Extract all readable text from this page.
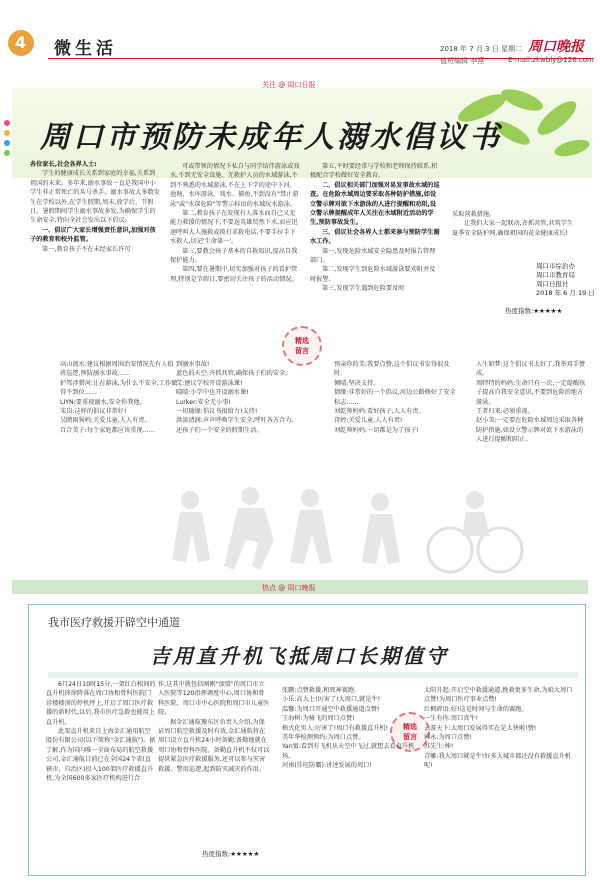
4 微生活	2018 年 7 月 3 日 星期二 周口晚报
值班编辑 李燕	E-mail:zkwbly@126.com
关注 @ 周口日报
周口市预防未成年人溺水倡议书

各位家长,社会各界人士:

学生的健康成长关系到家庭的幸福,关系到祖国的未来。多年来,溺水事故一直是我国中小学生非正常死亡的头号杀手。溺水事故大多数发生在学校以外,在学生假期,周末,放学后、节假日。暑假期间学生溺水事故多发,为确保学生的生命安全,特向全社会发出以下倡议:

一、倡议广大家长增强责任意识,加强对孩子的教育和校外监管。

第一,教育孩子不在未经家长许可

可或带领的情况下私自与同学结伴游泳或戏水,不到无安全设施、无救护人员的水域游泳,不到不熟悉的水域游泳,不在上下学的途中下河、池塘、水库游泳、戏水、捕鱼,不到没有"禁止游泳"或"水深危险"等警示标语的水域玩水游泳。

第二,教育孩子在发现有人落水而自己又无能力救援的情况下,不要逞英雄贸然下水,而应迅速呼叫大人施救或拨打求救电话,不要手拉手下水救人,切记'生命第一'。

第三,要教会孩子基本的自救知识,提高自我保护能力。

第四,要在暑期中,切实加强对孩子的看护管理,特别是节假日,要密切关注孩子的活动情况。

第五,平时要经常与学校和老师保持联系,积极配合学校做好安全教育。

二、倡议相关部门加强对易发事故水域的巡查。在危险水域周边要采取各种防护措施,如设立警示牌对欲下水游泳的人进行提醒和劝阻,设立警示牌提醒成年人关注在水域附近活动的学生,预防事故发生。

三、倡议社会各界人士都来参与预防学生溺水工作。

第一,发现危险水域安全隐患及时报告管理部门。

第二,发现学生到危险水域游泳要劝阻并及时报警。

第三,发现学生遇到危险要及时

采取营救措施。

让我们大家一起联动,齐抓共管,共筑学生夏季安全防护网,确保祖国的花朵健康成长!

周口市综治办
周口市教育局
周口日报社
2018 年 6 月 19 日
热度指数:★★★★★
精选
留言
高山流水:建议根据周围治安情况先有人值班巡逻,预防溺水事故……
护驾涉猎河:让在游泳,为什么不安全,工作做得不到位……
LIYN:要重视溺水,安全你我他。
宋岗:这样的倡议非常好!
吴睛雨狗妈:关爱儿童,人人有责。
百合美子:每个家庭都应该重视……
到溺水事故!
蓝色的天空:齐抓共管,确保孩子们的安全。
艾:建议学校开设游泳课!
晴晴:小学中也开设溺水课!
Lurker:安全无小事!
一切随缘:倡议书很给力!支持!
洪淡清润:声声呼唤学生安全,呼吁各方合力,还孩子们一个安全的假期生活。
预亲你的美:我要点赞,这个倡议书发得很及时。
倾晴:坚决支持。
情缘:非常好的一个倡议,河边公路修好了安全标志……
刘乾帅妈妈:看好孩子,人人有责。
诗婷:关爱儿童,人人有责!
刘乾帅妈妈:一切都是为了孩子!
人生如梦:这个倡议书太好了,我举双手赞成。
周特特的妈妈:生命只有一次,一定提醒孩子提高自我安全意识,不要到危险的地方游泳。
王者归来:必须重视。
赵小美:一定要在危险水域周边采取各种防护措施,如设立警示牌对欲下水游泳的人进行提醒和阻止。
热点 @ 周口晚报
我市医疗救援开辟空中通道
吉用直升机飞抵周口长期值守

6月24日10时15分,一架红白相间的直升机徐徐降落在周口协和骨科医院门诊楼楼顶的停机坪上,开启了周口医疗救援的新时代,以后,我市医疗急救也能用上直升机。

此架直升机来自上海金汇通用航空股份有限公司(以下简称"金汇通航")。据了解,作为国内唯一全面布局的航空救援公司,金汇通航目前已在全国24个省(直辖市、自治区)投入100架医疗救援直升机,为全国600多家医疗机构进行合

作,这其中就包括刚刚"加盟"的周口市立人医院等120指挥调度中心,周口协和骨科医院、周口市中心医院和周口市儿童医院。

据金汇通航豫东区负责人介绍,为保证周口航空救援及时有效,金汇通航将在周口设立直升机24小时备勤,备勤地就在周口协和骨科医院。备勤直升机不仅可以提供紧急医疗救援服务,还可以参与灾害救援、警用巡逻,起到防灾减灾的作用。

热度指数:★★★★★
精选
留言
张鹏:点赞救援,和死神赛跑。
小乐:高大上!厉害了!大周口,就是牛!
温馨:为周口开通空中救援通道点赞!
王海树:为骑飞的周口点赞!
格式化男人:厉害了!周口有救援直升机!
美年华检测预约:为周口点赞。
Yan蜜:看到有飞机从天空中飞过,就想去看直升机场。
河南(佳旺防霸):讲述发展的周口!
太阳升起:开启空中救援通道,挽救更多生命,为咱大周口点赞!为周口医疗事业点赞!
红枫碎语:好!这是时间与生命的赛跑。
一生有你:周口真牛!
云游天下:太周口发展得实在是太快啦!赞!
郭永:为周口点赞!
苏先生:棒!
青雕:我大周口就是牛!好多大城市都还没有救援直升机呢!
